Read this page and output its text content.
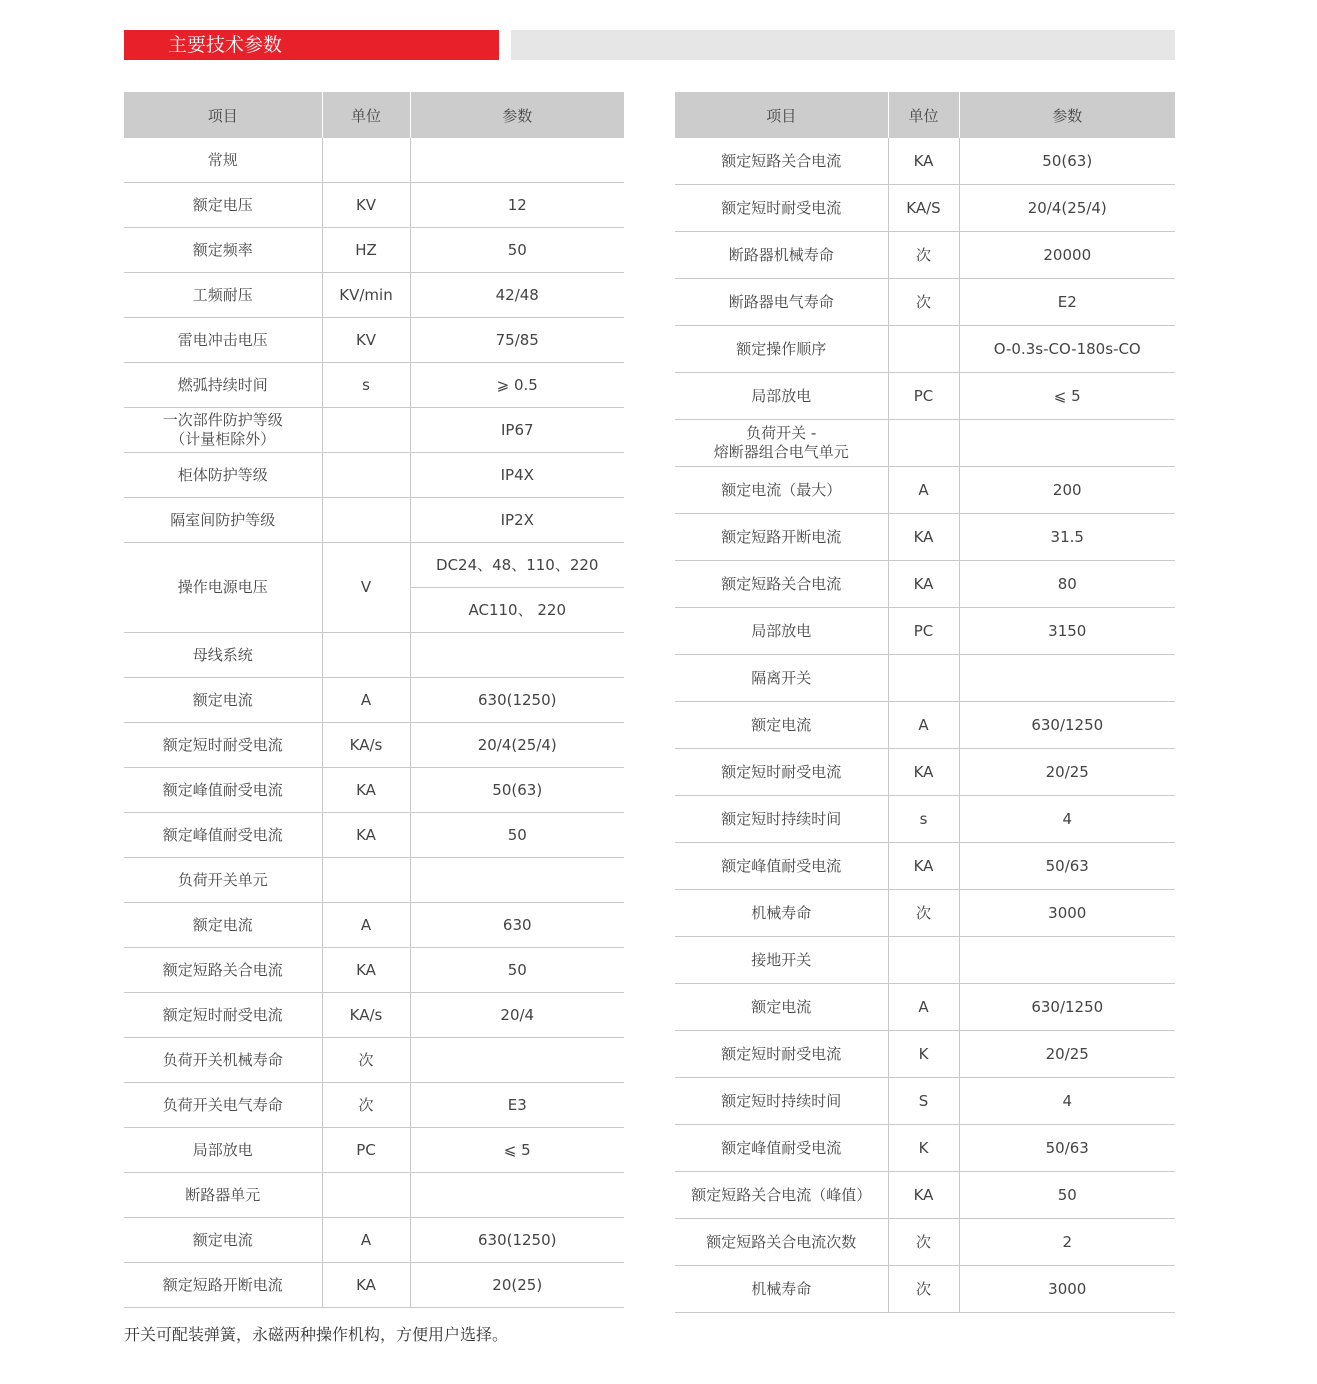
主要技术参数
项目	单位	参数
常规		
额定电压	KV	12
额定频率	HZ	50
工频耐压	KV/min	42/48
雷电冲击电压	KV	75/85
燃弧持续时间	s	⩾ 0.5
一次部件防护等级
（计量柜除外）		IP67
柜体防护等级		IP4X
隔室间防护等级		IP2X
操作电源电压	V	DC24、48、110、220
		AC110、 220
母线系统		
额定电流	A	630(1250)
额定短时耐受电流	KA/s	20/4(25/4)
额定峰值耐受电流	KA	50(63)
额定峰值耐受电流	KA	50
负荷开关单元		
额定电流	A	630
额定短路关合电流	KA	50
额定短时耐受电流	KA/s	20/4
负荷开关机械寿命	次	
负荷开关电气寿命	次	E3
局部放电	PC	⩽ 5
断路器单元		
额定电流	A	630(1250)
额定短路开断电流	KA	20(25)
项目	单位	参数
额定短路关合电流	KA	50(63)
额定短时耐受电流	KA/S	20/4(25/4)
断路器机械寿命	次	20000
断路器电气寿命	次	E2
额定操作顺序		O-0.3s-CO-180s-CO
局部放电	PC	⩽ 5
负荷开关 -
熔断器组合电气单元		
额定电流（最大）	A	200
额定短路开断电流	KA	31.5
额定短路关合电流	KA	80
局部放电	PC	3150
隔离开关		
额定电流	A	630/1250
额定短时耐受电流	KA	20/25
额定短时持续时间	s	4
额定峰值耐受电流	KA	50/63
机械寿命	次	3000
接地开关		
额定电流	A	630/1250
额定短时耐受电流	K	20/25
额定短时持续时间	S	4
额定峰值耐受电流	K	50/63
额定短路关合电流（峰值）	KA	50
额定短路关合电流次数	次	2
机械寿命	次	3000
开关可配装弹簧，永磁两种操作机构，方便用户选择。
